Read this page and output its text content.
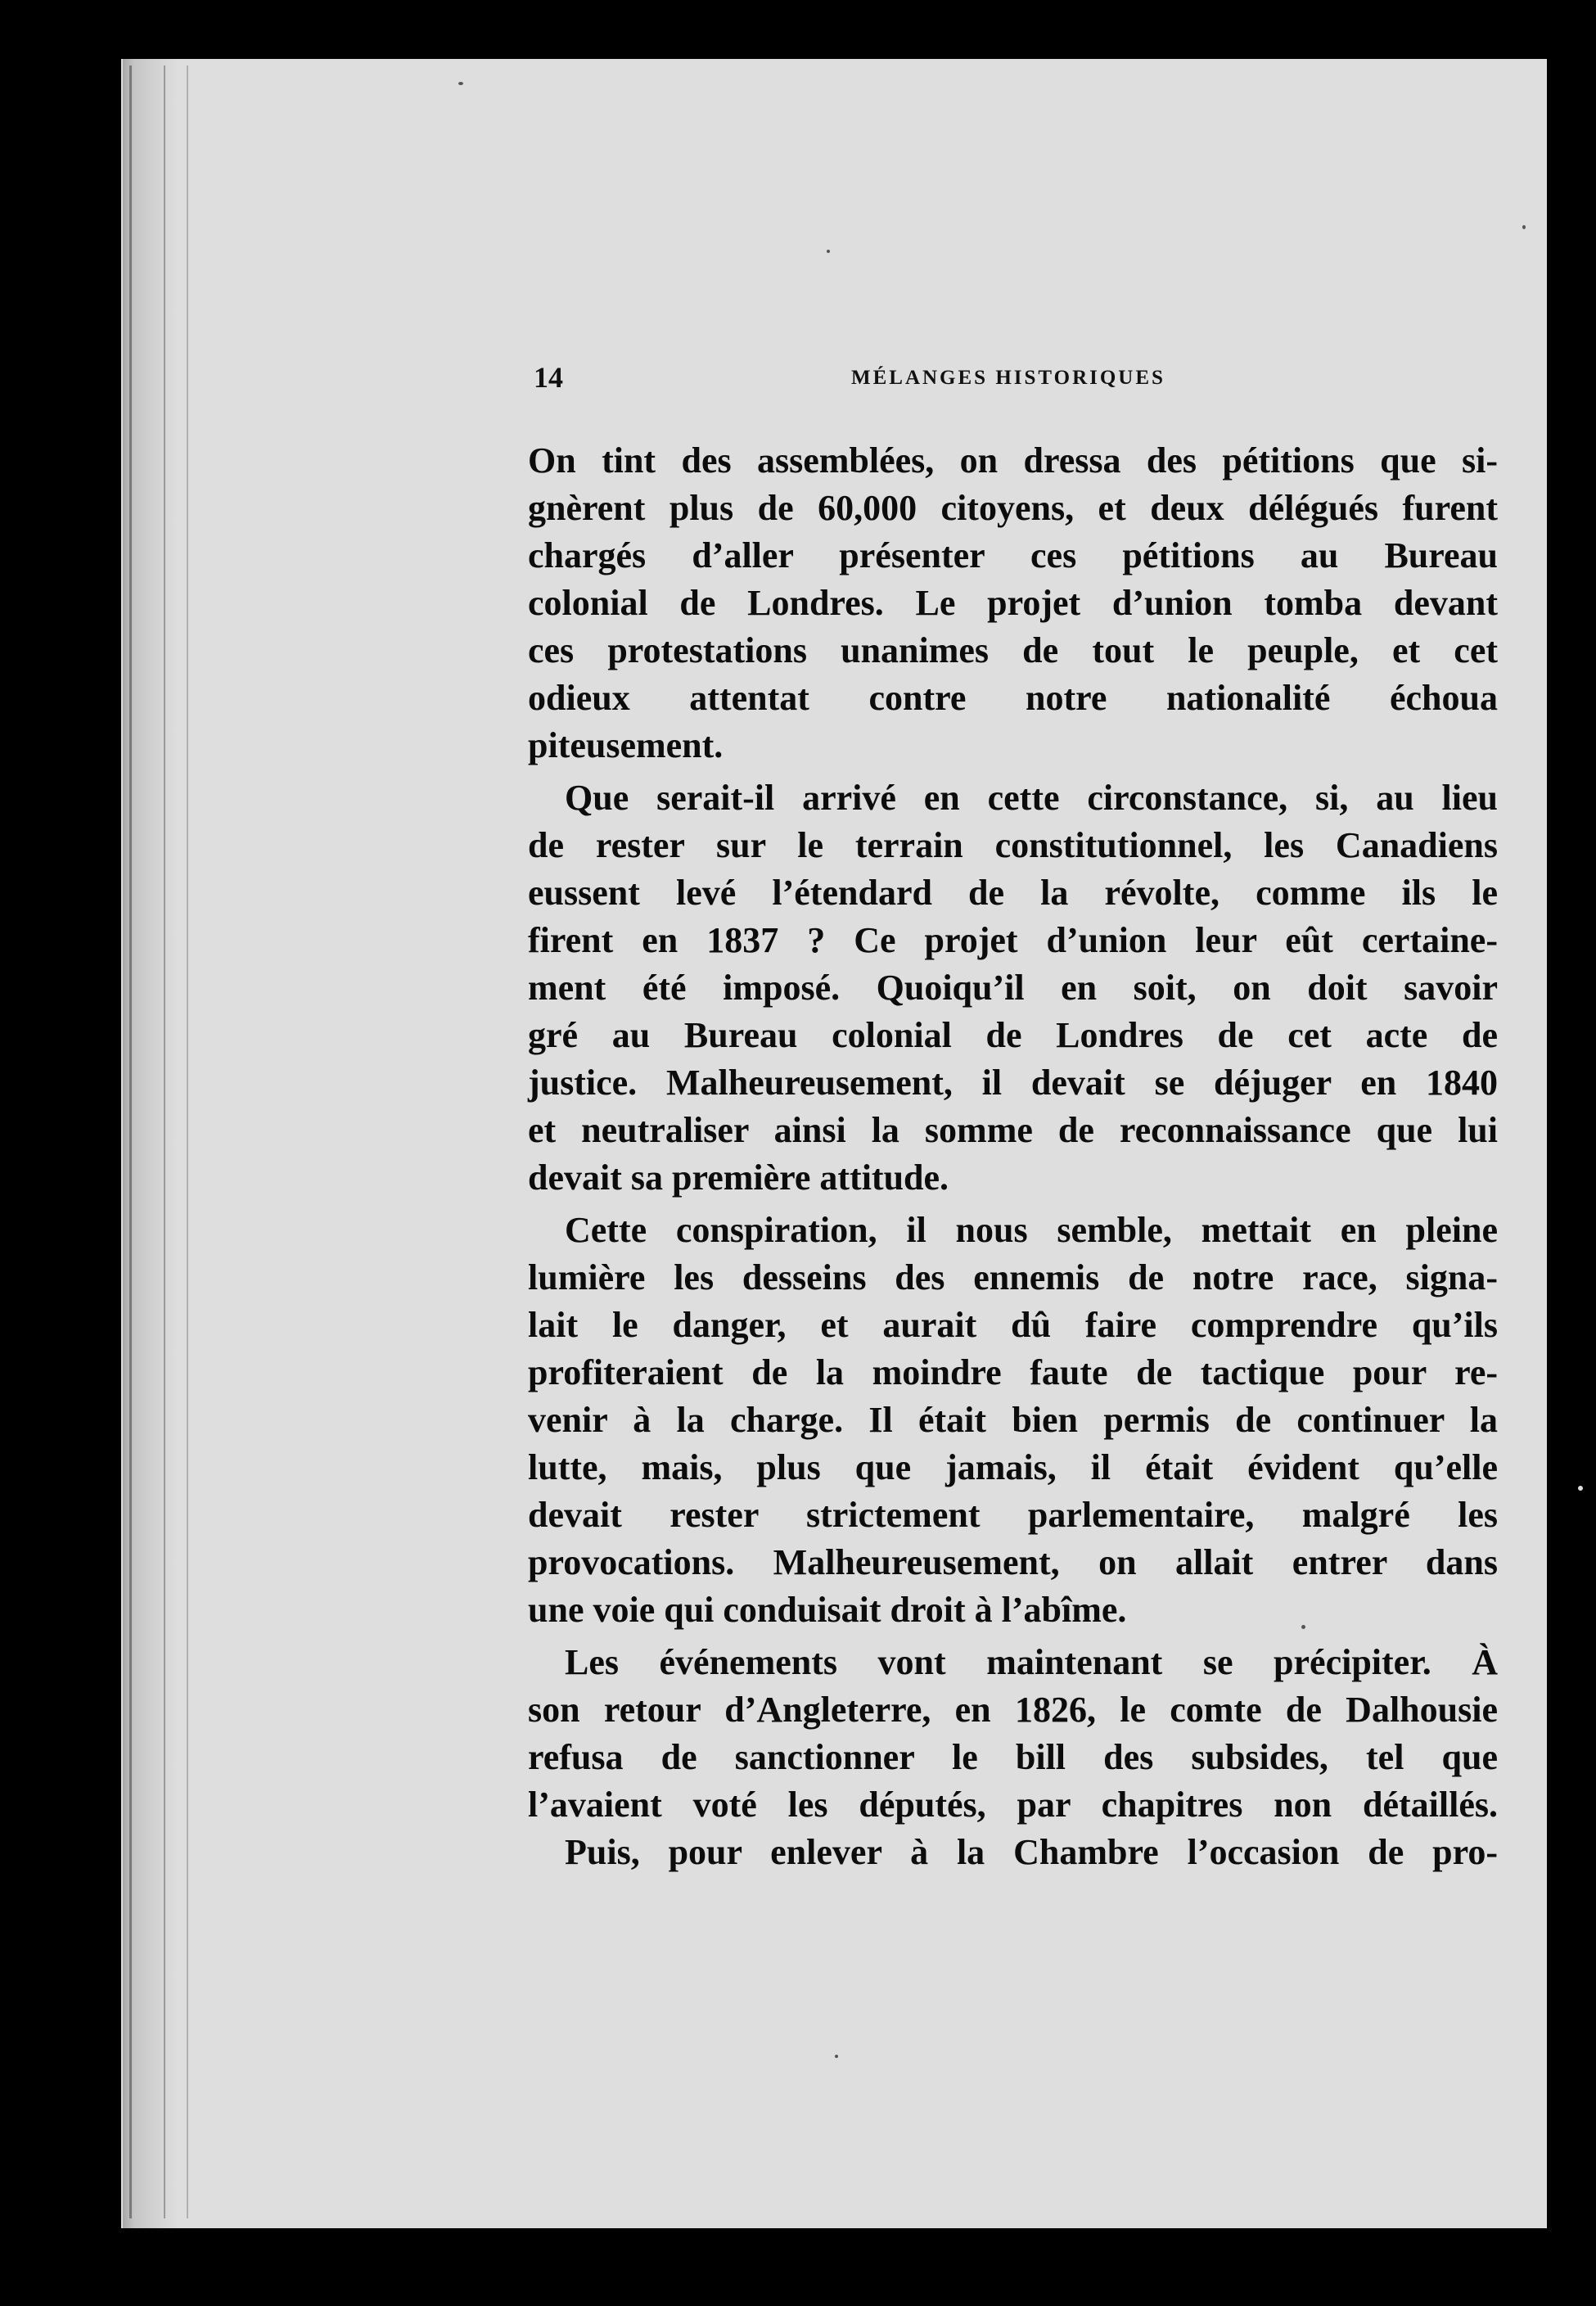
14	MÉLANGES HISTORIQUES
On tint des assemblées, on dressa des pétitions que si-
gnèrent plus de 60,000 citoyens, et deux délégués furent
chargés d’aller présenter ces pétitions au Bureau
colonial de Londres. Le projet d’union tomba devant
ces protestations unanimes de tout le peuple, et cet
odieux attentat contre notre nationalité échoua
piteusement.
Que serait-il arrivé en cette circonstance, si, au lieu
de rester sur le terrain constitutionnel, les Canadiens
eussent levé l’étendard de la révolte, comme ils le
firent en 1837 ? Ce projet d’union leur eût certaine-
ment été imposé. Quoiqu’il en soit, on doit savoir
gré au Bureau colonial de Londres de cet acte de
justice. Malheureusement, il devait se déjuger en 1840
et neutraliser ainsi la somme de reconnaissance que lui
devait sa première attitude.
Cette conspiration, il nous semble, mettait en pleine
lumière les desseins des ennemis de notre race, signa-
lait le danger, et aurait dû faire comprendre qu’ils
profiteraient de la moindre faute de tactique pour re-
venir à la charge. Il était bien permis de continuer la
lutte, mais, plus que jamais, il était évident qu’elle
devait rester strictement parlementaire, malgré les
provocations. Malheureusement, on allait entrer dans
une voie qui conduisait droit à l’abîme.
Les événements vont maintenant se précipiter. À
son retour d’Angleterre, en 1826, le comte de Dalhousie
refusa de sanctionner le bill des subsides, tel que
l’avaient voté les députés, par chapitres non détaillés.
Puis, pour enlever à la Chambre l’occasion de pro-
